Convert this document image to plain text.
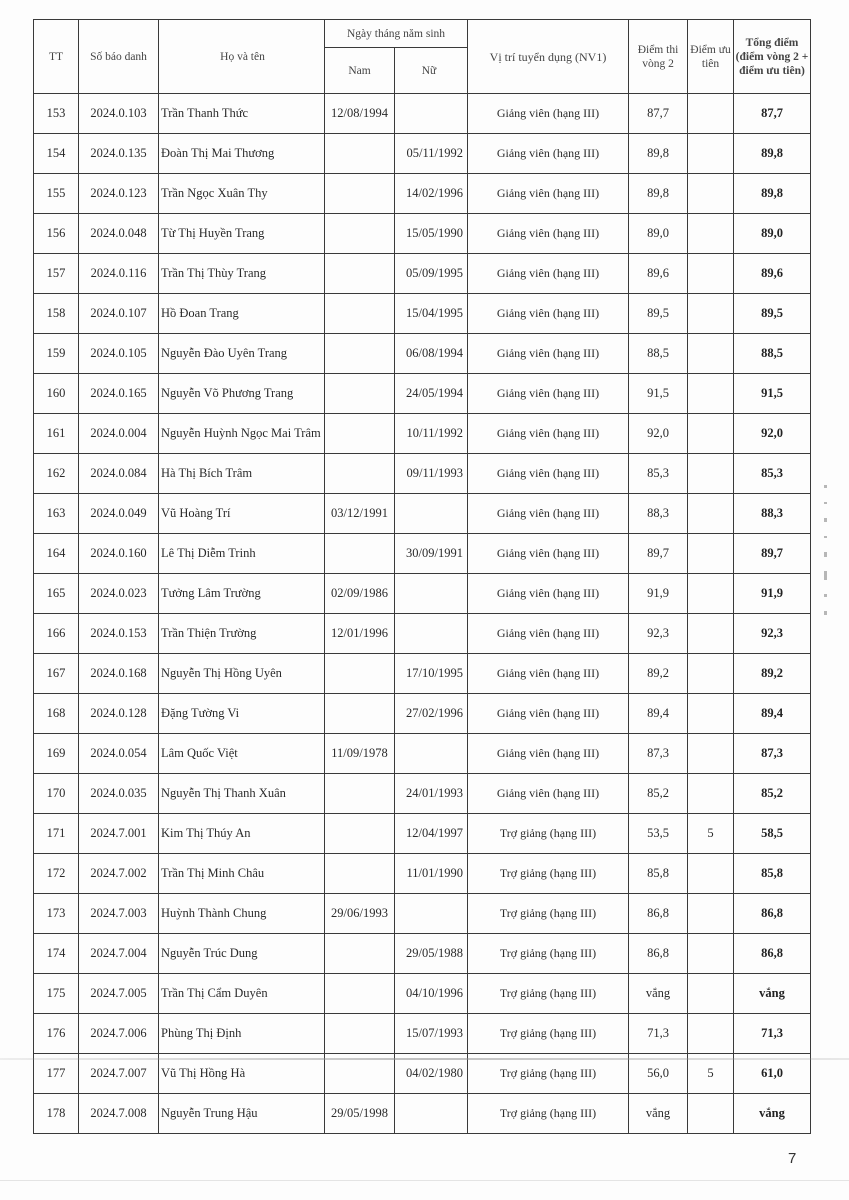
TT	Số báo danh	Họ và tên	Ngày tháng năm sinh		Vị trí tuyển dụng (NV1)	Điểm thi vòng 2	Điểm ưu tiên	Tổng điểm (điểm vòng 2 + điểm ưu tiên)
			Nam	Nữ				
153	2024.0.103	Trần Thanh Thức	12/08/1994		Giảng viên (hạng III)	87,7		87,7
154	2024.0.135	Đoàn Thị Mai Thương		05/11/1992	Giảng viên (hạng III)	89,8		89,8
155	2024.0.123	Trần Ngọc Xuân Thy		14/02/1996	Giảng viên (hạng III)	89,8		89,8
156	2024.0.048	Từ Thị Huyền Trang		15/05/1990	Giảng viên (hạng III)	89,0		89,0
157	2024.0.116	Trần Thị Thùy Trang		05/09/1995	Giảng viên (hạng III)	89,6		89,6
158	2024.0.107	Hồ Đoan Trang		15/04/1995	Giảng viên (hạng III)	89,5		89,5
159	2024.0.105	Nguyễn Đào Uyên Trang		06/08/1994	Giảng viên (hạng III)	88,5		88,5
160	2024.0.165	Nguyễn Võ Phương Trang		24/05/1994	Giảng viên (hạng III)	91,5		91,5
161	2024.0.004	Nguyễn Huỳnh Ngọc Mai Trâm		10/11/1992	Giảng viên (hạng III)	92,0		92,0
162	2024.0.084	Hà Thị Bích Trâm		09/11/1993	Giảng viên (hạng III)	85,3		85,3
163	2024.0.049	Vũ Hoàng Trí	03/12/1991		Giảng viên (hạng III)	88,3		88,3
164	2024.0.160	Lê Thị Diễm Trinh		30/09/1991	Giảng viên (hạng III)	89,7		89,7
165	2024.0.023	Tưởng Lâm Trường	02/09/1986		Giảng viên (hạng III)	91,9		91,9
166	2024.0.153	Trần Thiện Trường	12/01/1996		Giảng viên (hạng III)	92,3		92,3
167	2024.0.168	Nguyễn Thị Hồng Uyên		17/10/1995	Giảng viên (hạng III)	89,2		89,2
168	2024.0.128	Đặng Tường Vi		27/02/1996	Giảng viên (hạng III)	89,4		89,4
169	2024.0.054	Lâm Quốc Việt	11/09/1978		Giảng viên (hạng III)	87,3		87,3
170	2024.0.035	Nguyễn Thị Thanh Xuân		24/01/1993	Giảng viên (hạng III)	85,2		85,2
171	2024.7.001	Kim Thị Thúy An		12/04/1997	Trợ giảng (hạng III)	53,5	5	58,5
172	2024.7.002	Trần Thị Minh Châu		11/01/1990	Trợ giảng (hạng III)	85,8		85,8
173	2024.7.003	Huỳnh Thành Chung	29/06/1993		Trợ giảng (hạng III)	86,8		86,8
174	2024.7.004	Nguyễn Trúc Dung		29/05/1988	Trợ giảng (hạng III)	86,8		86,8
175	2024.7.005	Trần Thị Cẩm Duyên		04/10/1996	Trợ giảng (hạng III)	vắng		vắng
176	2024.7.006	Phùng Thị Định		15/07/1993	Trợ giảng (hạng III)	71,3		71,3
177	2024.7.007	Vũ Thị Hồng Hà		04/02/1980	Trợ giảng (hạng III)	56,0	5	61,0
178	2024.7.008	Nguyễn Trung Hậu	29/05/1998		Trợ giảng (hạng III)	vắng		vắng
7
